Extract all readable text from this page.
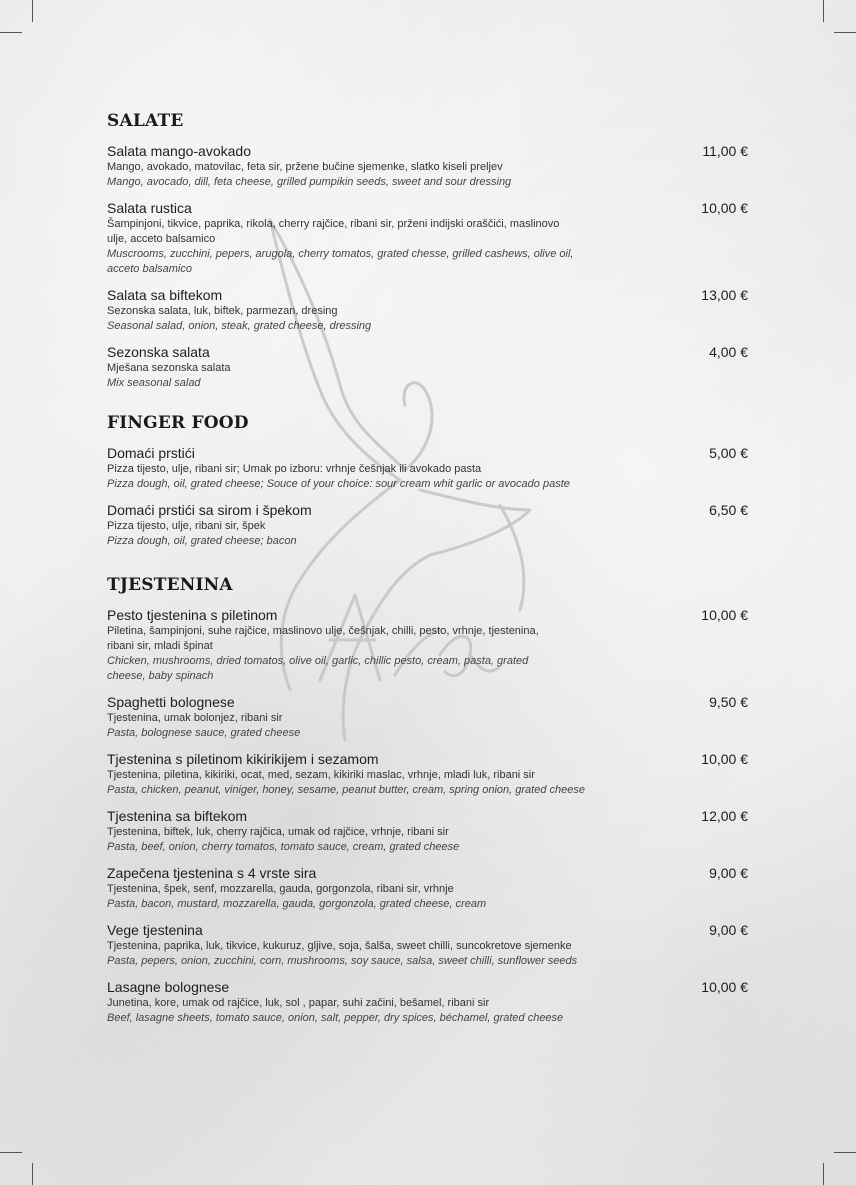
SALATE
Salata mango-avokado	11,00 €
Mango, avokado, matovilac, feta sir, pržene bučine sjemenke, slatko kiseli preljev
Mango, avocado, dill, feta cheese, grilled pumpikin seeds, sweet and sour dressing
Salata rustica	10,00 €
Šampinjoni, tikvice, paprika, rikola, cherry rajčice, ribani sir, prženi indijski oraščići, maslinovo ulje, acceto balsamico
Muscrooms, zucchini, pepers, arugola, cherry tomatos, grated chesse, grilled cashews, olive oil, acceto balsamico
Salata sa biftekom	13,00 €
Sezonska salata, luk, biftek, parmezan, dresing
Seasonal salad, onion, steak, grated cheese, dressing
Sezonska salata	4,00 €
Mješana sezonska salata
Mix seasonal salad
FINGER FOOD
Domaći prstići	5,00 €
Pizza tijesto, ulje, ribani sir; Umak po izboru: vrhnje češnjak ili avokado pasta
Pizza dough, oil, grated cheese; Souce of your choice: sour cream whit garlic or avocado paste
Domaći prstići sa sirom i špekom	6,50 €
Pizza tijesto, ulje, ribani sir, špek
Pizza dough, oil, grated cheese; bacon
TJESTENINA
Pesto tjestenina s piletinom	10,00 €
Piletina, šampinjoni, suhe rajčice, maslinovo ulje, češnjak, chilli, pesto, vrhnje, tjestenina, ribani sir, mladi špinat
Chicken, mushrooms, dried tomatos, olive oil, garlic, chillic pesto, cream, pasta, grated cheese, baby spinach
Spaghetti bolognese	9,50 €
Tjestenina, umak bolonjez, ribani sir
Pasta, bolognese sauce, grated cheese
Tjestenina s piletinom kikirikijem i sezamom	10,00 €
Tjestenina, piletina, kikiriki, ocat, med, sezam, kikiriki maslac, vrhnje, mladi luk, ribani sir
Pasta, chicken, peanut, viniger, honey, sesame, peanut butter, cream, spring onion, grated cheese
Tjestenina sa biftekom	12,00 €
Tjestenina, biftek, luk, cherry rajčica, umak od rajčice, vrhnje, ribani sir
Pasta, beef, onion, cherry tomatos, tomato sauce, cream, grated cheese
Zapečena tjestenina s 4 vrste sira	9,00 €
Tjestenina, špek, senf, mozzarella, gauda, gorgonzola, ribani sir, vrhnje
Pasta, bacon, mustard, mozzarella, gauda, gorgonzola, grated cheese, cream
Vege tjestenina	9,00 €
Tjestenina, paprika, luk, tikvice, kukuruz, gljive, soja, šalša, sweet chilli, suncokretove sjemenke
Pasta, pepers, onion, zucchini, corn, mushrooms, soy sauce, salsa, sweet chilli, sunflower seeds
Lasagne bolognese	10,00 €
Junetina, kore, umak od rajčice, luk, sol , papar, suhi začini, bešamel, ribani sir
Beef, lasagne sheets, tomato sauce, onion, salt, pepper, dry spices, béchamel, grated cheese
